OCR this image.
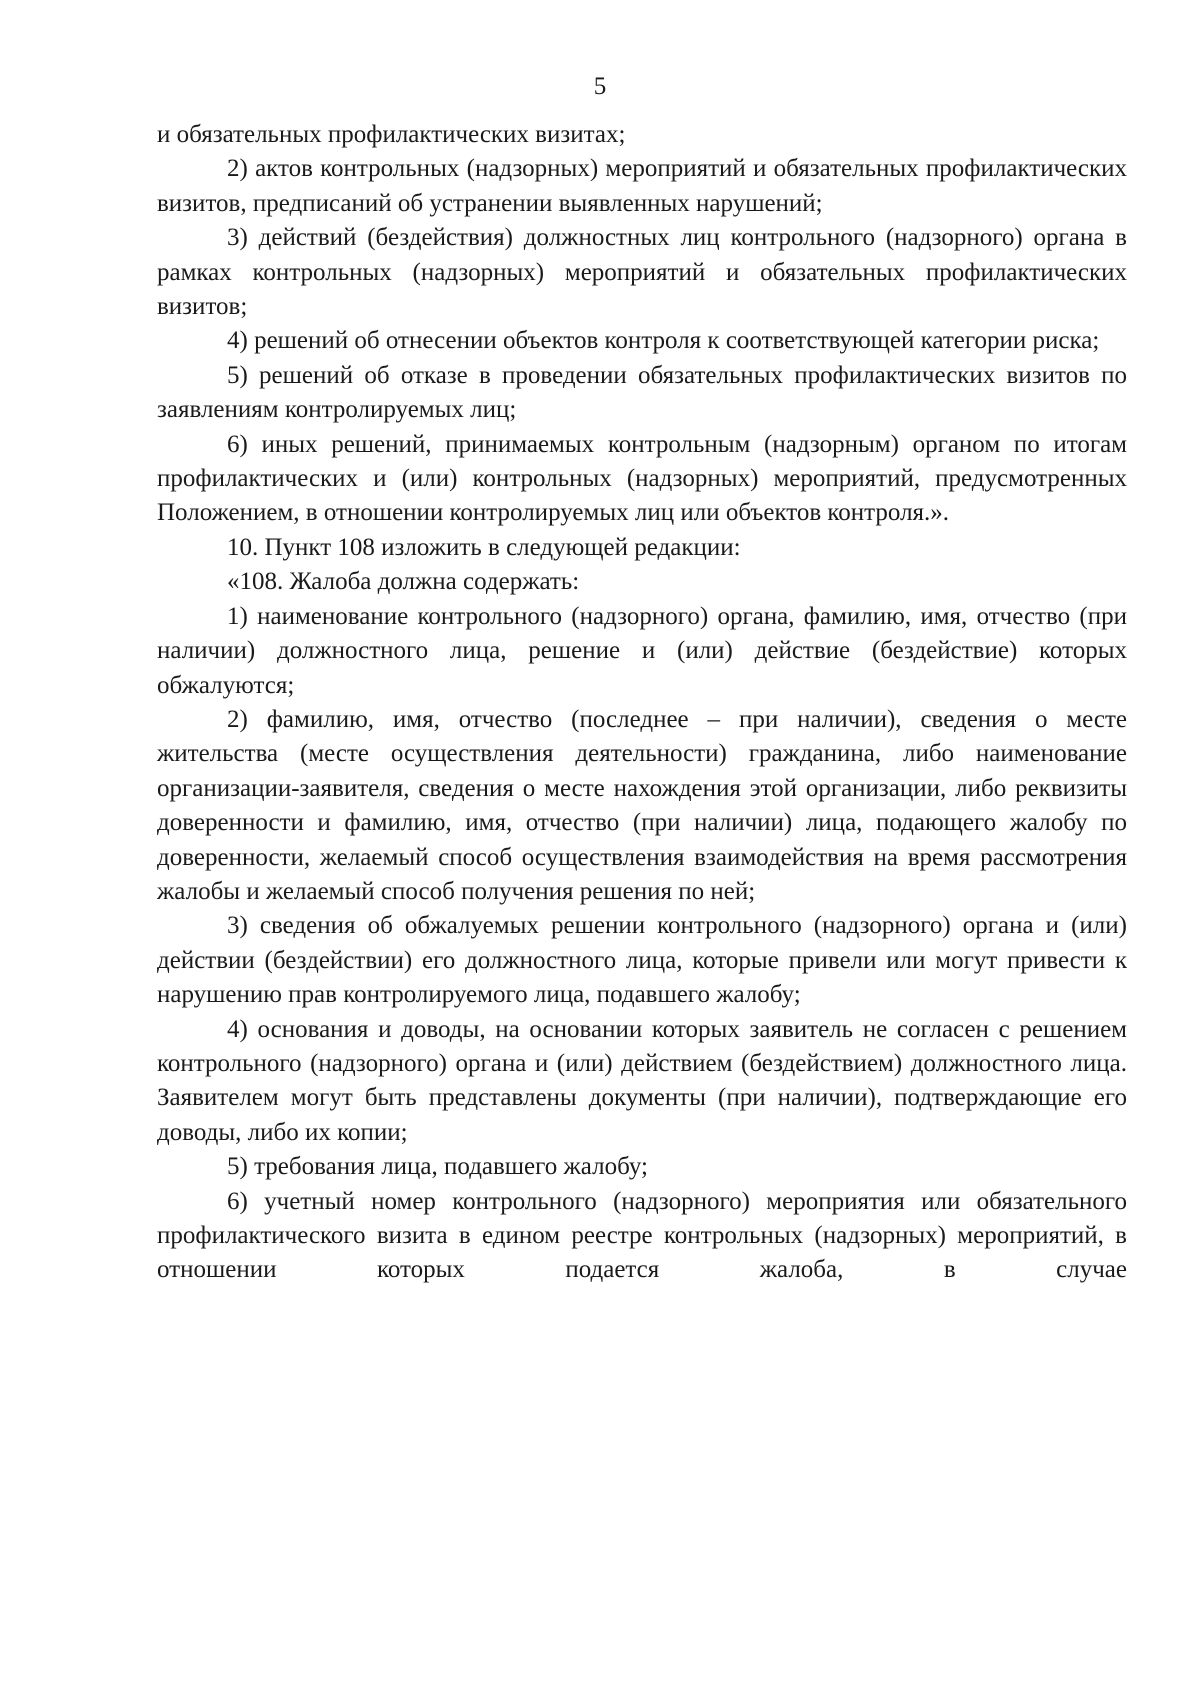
5

и обязательных профилактических визитах;

2) актов контрольных (надзорных) мероприятий и обязательных профилактических визитов, предписаний об устранении выявленных нарушений;

3) действий (бездействия) должностных лиц контрольного (надзорного) органа в рамках контрольных (надзорных) мероприятий и обязательных профилактических визитов;

4) решений об отнесении объектов контроля к соответствующей категории риска;

5) решений об отказе в проведении обязательных профилактических визитов по заявлениям контролируемых лиц;

6) иных решений, принимаемых контрольным (надзорным) органом по итогам профилактических и (или) контрольных (надзорных) мероприятий, предусмотренных Положением, в отношении контролируемых лиц или объектов контроля.».

10. Пункт 108 изложить в следующей редакции:

«108. Жалоба должна содержать:

1) наименование контрольного (надзорного) органа, фамилию, имя, отчество (при наличии) должностного лица, решение и (или) действие (бездействие) которых обжалуются;

2) фамилию, имя, отчество (последнее – при наличии), сведения о месте жительства (месте осуществления деятельности) гражданина, либо наименование организации-заявителя, сведения о месте нахождения этой организации, либо реквизиты доверенности и фамилию, имя, отчество (при наличии) лица, подающего жалобу по доверенности, желаемый способ осуществления взаимодействия на время рассмотрения жалобы и желаемый способ получения решения по ней;

3) сведения об обжалуемых решении контрольного (надзорного) органа и (или) действии (бездействии) его должностного лица, которые привели или могут привести к нарушению прав контролируемого лица, подавшего жалобу;

4) основания и доводы, на основании которых заявитель не согласен с решением контрольного (надзорного) органа и (или) действием (бездействием) должностного лица. Заявителем могут быть представлены документы (при наличии), подтверждающие его доводы, либо их копии;

5) требования лица, подавшего жалобу;

6) учетный номер контрольного (надзорного) мероприятия или обязательного профилактического визита в едином реестре контрольных (надзорных) мероприятий, в отношении которых подается жалоба, в случае
